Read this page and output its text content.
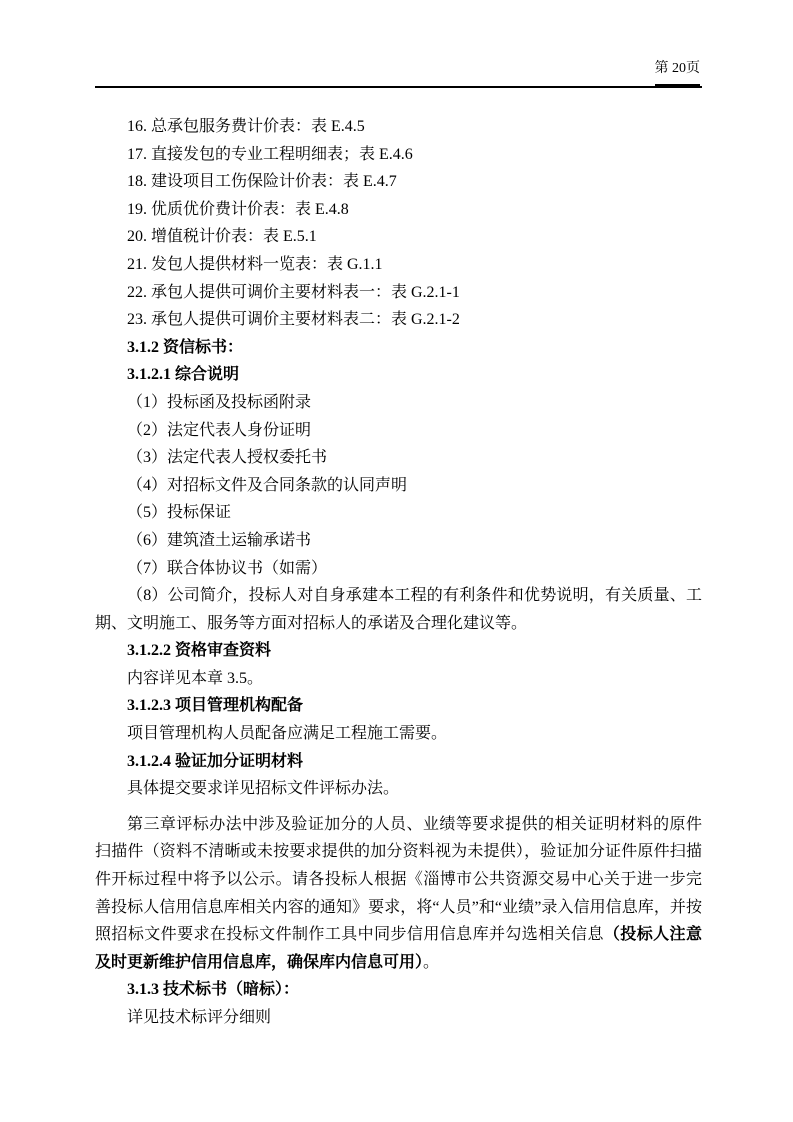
第 20页

16. 总承包服务费计价表：表 E.4.5

17. 直接发包的专业工程明细表；表 E.4.6

18. 建设项目工伤保险计价表：表 E.4.7

19. 优质优价费计价表：表 E.4.8

20. 增值税计价表：表 E.5.1

21. 发包人提供材料一览表：表 G.1.1

22. 承包人提供可调价主要材料表一：表 G.2.1-1

23. 承包人提供可调价主要材料表二：表 G.2.1-2

3.1.2 资信标书：

3.1.2.1 综合说明

（1）投标函及投标函附录

（2）法定代表人身份证明

（3）法定代表人授权委托书

（4）对招标文件及合同条款的认同声明

（5）投标保证

（6）建筑渣土运输承诺书

（7）联合体协议书（如需）

（8）公司简介，投标人对自身承建本工程的有利条件和优势说明，有关质量、工期、文明施工、服务等方面对招标人的承诺及合理化建议等。

3.1.2.2 资格审查资料

内容详见本章 3.5。

3.1.2.3 项目管理机构配备

项目管理机构人员配备应满足工程施工需要。

3.1.2.4 验证加分证明材料

具体提交要求详见招标文件评标办法。

第三章评标办法中涉及验证加分的人员、业绩等要求提供的相关证明材料的原件扫描件（资料不清晰或未按要求提供的加分资料视为未提供），验证加分证件原件扫描件开标过程中将予以公示。请各投标人根据《淄博市公共资源交易中心关于进一步完善投标人信用信息库相关内容的通知》要求，将“人员”和“业绩”录入信用信息库，并按照招标文件要求在投标文件制作工具中同步信用信息库并勾选相关信息（投标人注意及时更新维护信用信息库，确保库内信息可用）。

3.1.3 技术标书（暗标）：

详见技术标评分细则
